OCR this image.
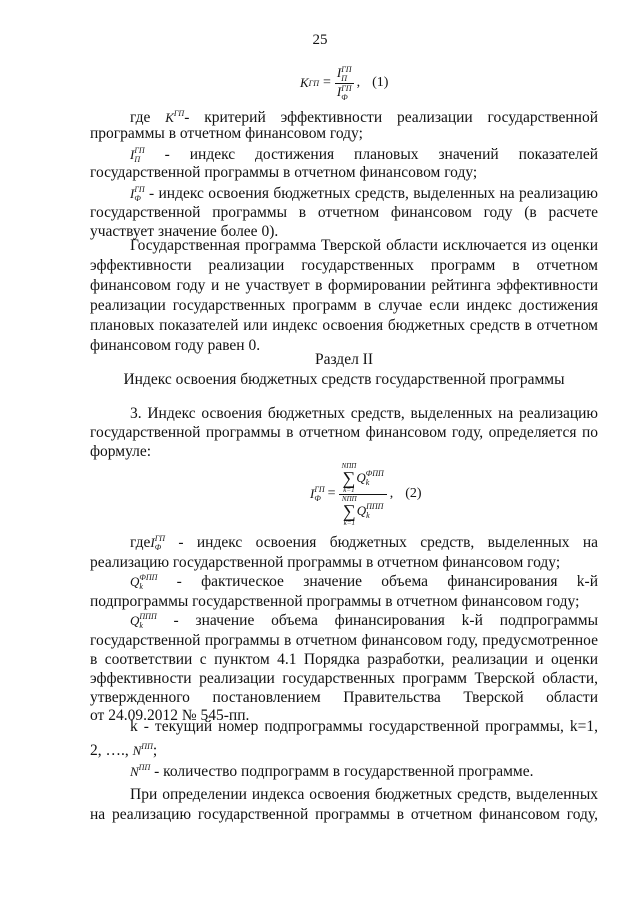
25
K ГП =
IГП
П
IГП
Ф
, (1)
где $K^{ГП}-$ критерий эффективности реализации государственной
программы в отчетном финансовом году;
IГП
П - индекс достижения плановых значений показателей
государственной программы в отчетном финансовом году;
IГП
Ф - индекс освоения бюджетных средств, выделенных на реализацию
государственной программы в отчетном финансовом году (в расчете
участвует значение более 0).
Государственная программа Тверской области исключается из оценки
эффективности реализации государственных программ в отчетном
финансовом году и не участвует в формировании рейтинга эффективности
реализации государственных программ в случае если индекс достижения
плановых показателей или индекс освоения бюджетных средств в отчетном
финансовом году равен 0.
Раздел II
Индекс освоения бюджетных средств государственной программы
3. Индекс освоения бюджетных средств, выделенных на реализацию
государственной программы в отчетном финансовом году, определяется по
формуле:
I ГП
Ф =
NПП
∑
k=1
Q ФПП
k
NПП
∑
k=1
Q ППП
k
, (2)
гдеIГП
Ф - индекс освоения бюджетных средств, выделенных на
реализацию государственной программы в отчетном финансовом году;
QФПП
k - фактическое значение объема финансирования k-й
подпрограммы государственной программы в отчетном финансовом году;
QППП
k - значение объема финансирования k-й подпрограммы
государственной программы в отчетном финансовом году, предусмотренное
в соответствии с пунктом 4.1 Порядка разработки, реализации и оценки
эффективности реализации государственных программ Тверской области,
утвержденного постановлением Правительства Тверской области
от 24.09.2012 № 545-пп.
k - текущий номер подпрограммы государственной программы, k=1,
2, …., $N^{ПП}$;
$N^{ПП}$ - количество подпрограмм в государственной программе.
При определении индекса освоения бюджетных средств, выделенных
на реализацию государственной программы в отчетном финансовом году,
